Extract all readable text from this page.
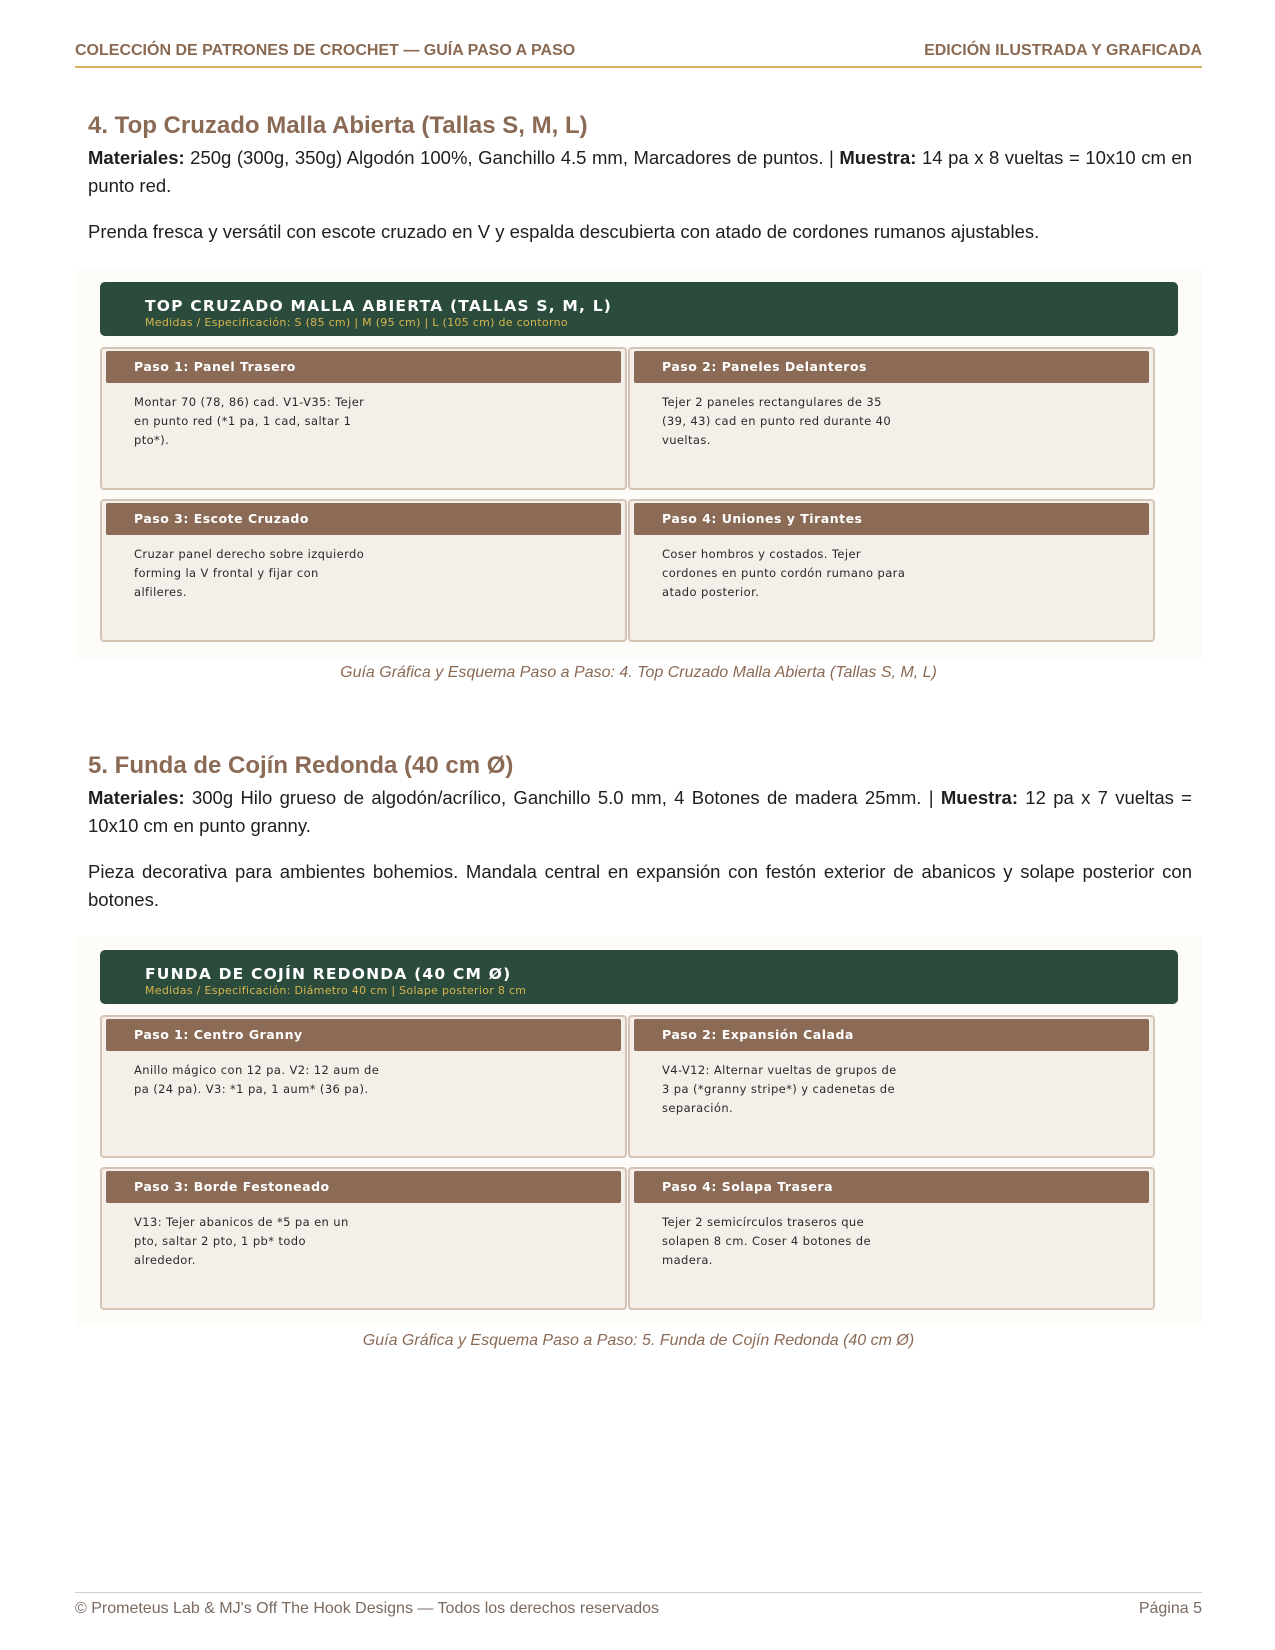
COLECCIÓN DE PATRONES DE CROCHET — GUÍA PASO A PASO	EDICIÓN ILUSTRADA Y GRAFICADA
4. Top Cruzado Malla Abierta (Tallas S, M, L)
Materiales: 250g (300g, 350g) Algodón 100%, Ganchillo 4.5 mm, Marcadores de puntos. | Muestra: 14 pa x 8 vueltas = 10x10 cm en punto red.
Prenda fresca y versátil con escote cruzado en V y espalda descubierta con atado de cordones rumanos ajustables.
TOP CRUZADO MALLA ABIERTA (TALLAS S, M, L)
Medidas / Especificación: S (85 cm) | M (95 cm) | L (105 cm) de contorno
Paso 1: Panel Trasero
Montar 70 (78, 86) cad. V1-V35: Tejer
en punto red (*1 pa, 1 cad, saltar 1
pto*).
Paso 2: Paneles Delanteros
Tejer 2 paneles rectangulares de 35
(39, 43) cad en punto red durante 40
vueltas.
Paso 3: Escote Cruzado
Cruzar panel derecho sobre izquierdo
forming la V frontal y fijar con
alfileres.
Paso 4: Uniones y Tirantes
Coser hombros y costados. Tejer
cordones en punto cordón rumano para
atado posterior.
Guía Gráfica y Esquema Paso a Paso: 4. Top Cruzado Malla Abierta (Tallas S, M, L)
5. Funda de Cojín Redonda (40 cm Ø)
Materiales: 300g Hilo grueso de algodón/acrílico, Ganchillo 5.0 mm, 4 Botones de madera 25mm. | Muestra: 12 pa x 7 vueltas = 10x10 cm en punto granny.
Pieza decorativa para ambientes bohemios. Mandala central en expansión con festón exterior de abanicos y solape posterior con botones.
FUNDA DE COJÍN REDONDA (40 CM Ø)
Medidas / Especificación: Diámetro 40 cm | Solape posterior 8 cm
Paso 1: Centro Granny
Anillo mágico con 12 pa. V2: 12 aum de
pa (24 pa). V3: *1 pa, 1 aum* (36 pa).
Paso 2: Expansión Calada
V4-V12: Alternar vueltas de grupos de
3 pa (*granny stripe*) y cadenetas de
separación.
Paso 3: Borde Festoneado
V13: Tejer abanicos de *5 pa en un
pto, saltar 2 pto, 1 pb* todo
alrededor.
Paso 4: Solapa Trasera
Tejer 2 semicírculos traseros que
solapen 8 cm. Coser 4 botones de
madera.
Guía Gráfica y Esquema Paso a Paso: 5. Funda de Cojín Redonda (40 cm Ø)
© Prometeus Lab & MJ's Off The Hook Designs — Todos los derechos reservados	Página 5
